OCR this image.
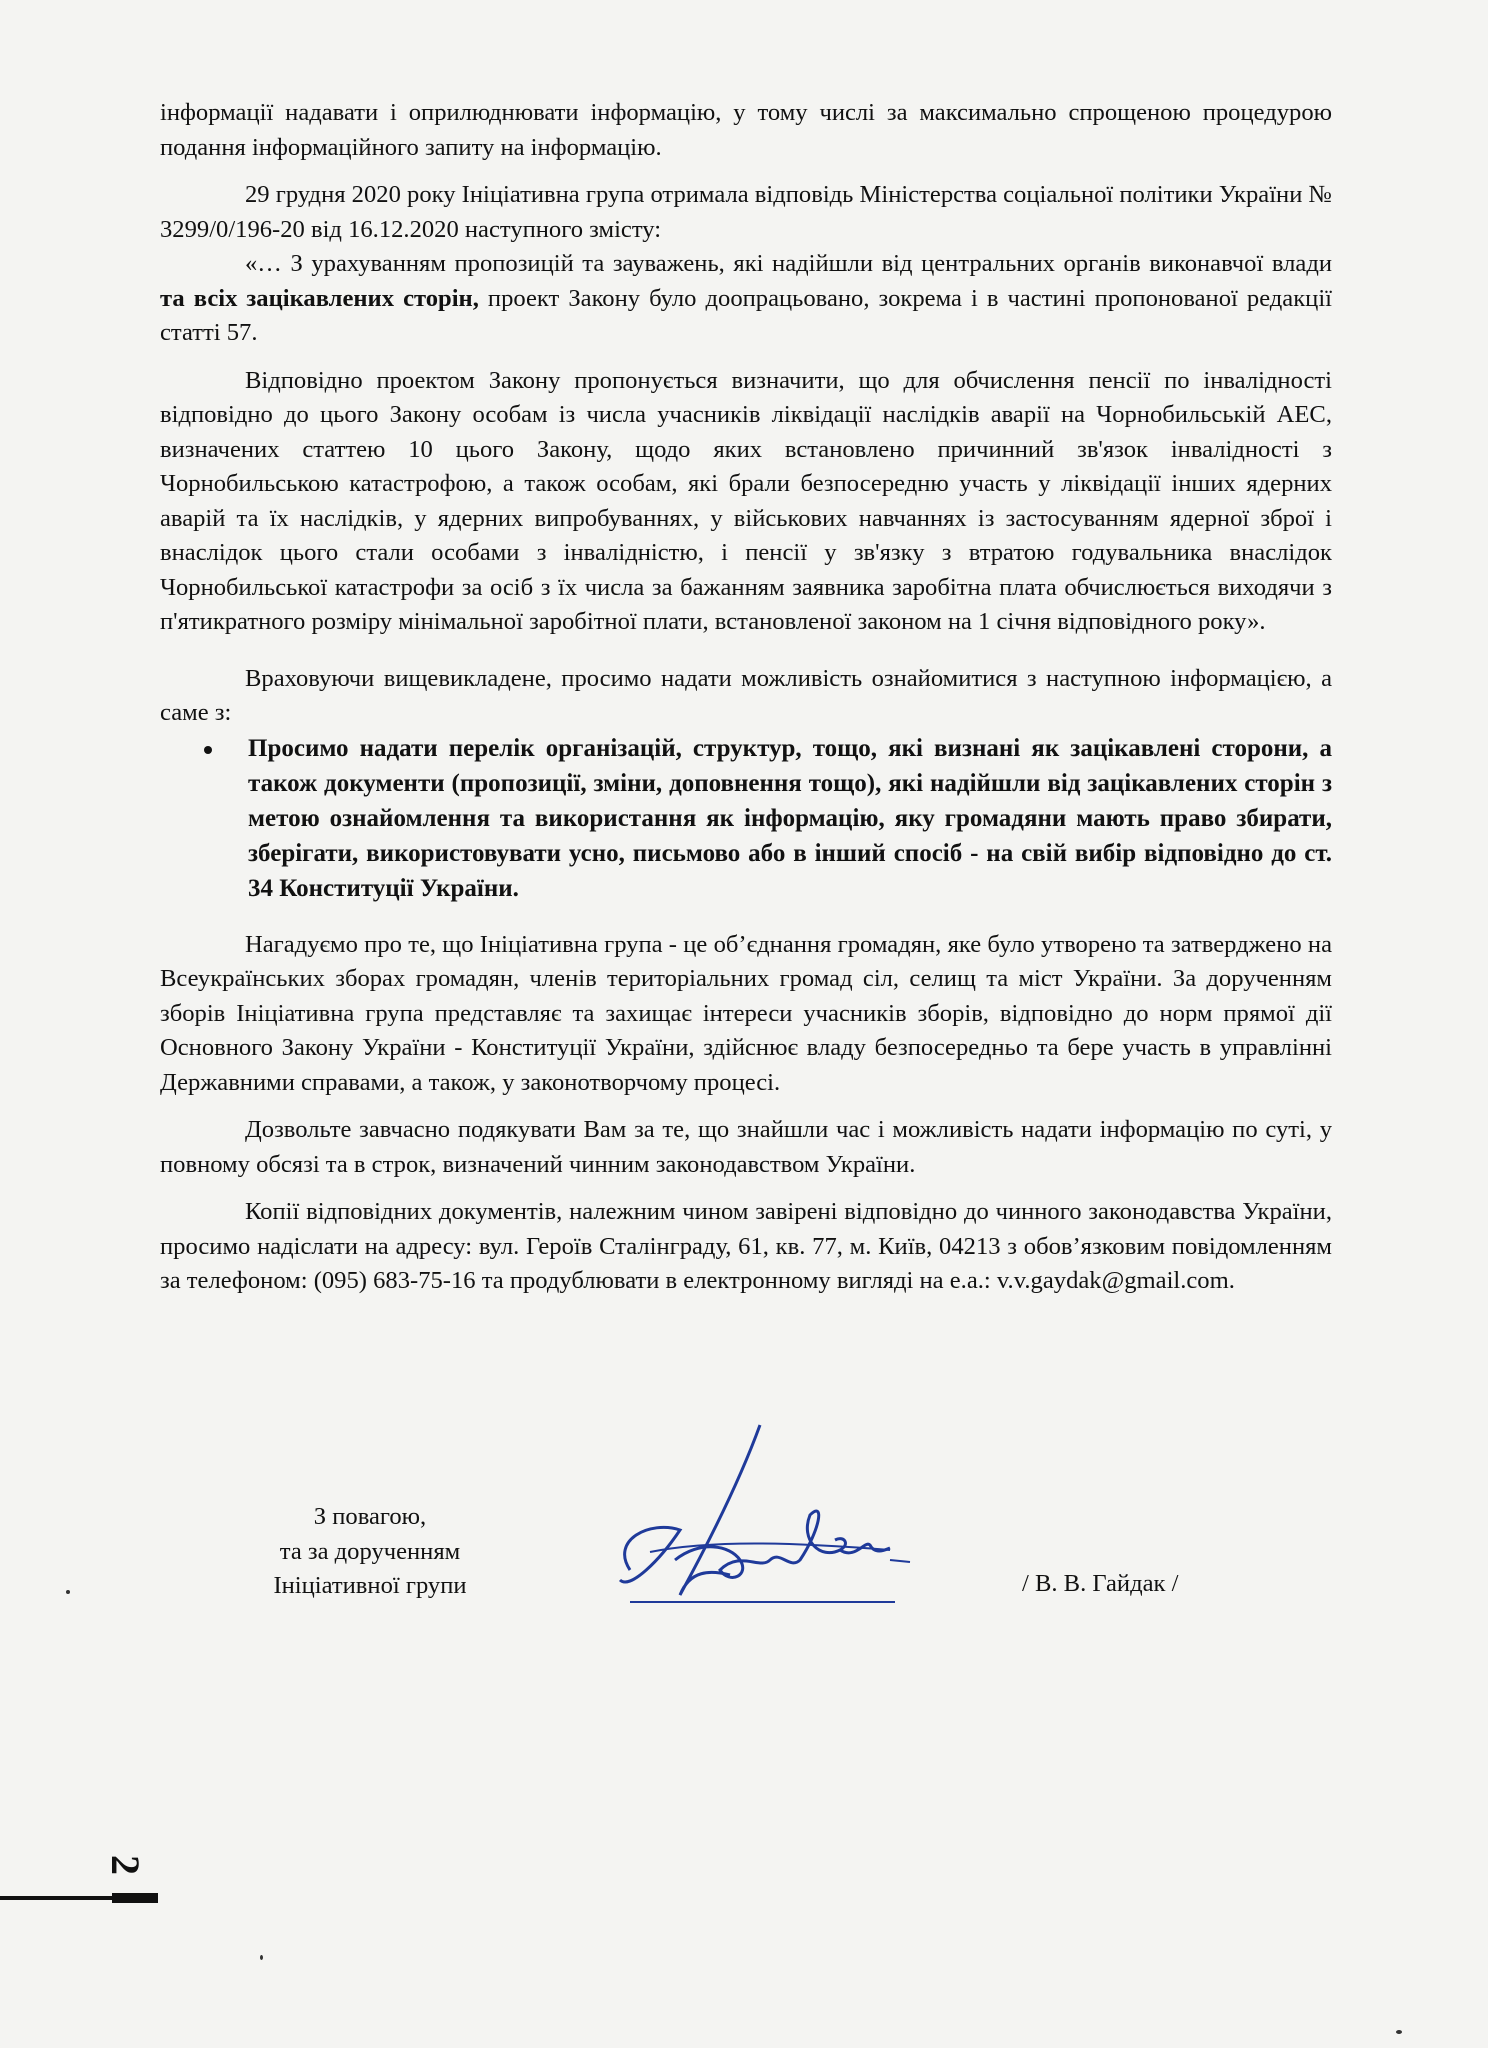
інформації надавати і оприлюднювати інформацію, у тому числі за максимально спрощеною процедурою подання інформаційного запиту на інформацію.

29 грудня 2020 року Ініціативна група отримала відповідь Міністерства соціальної політики України № 3299/0/196-20 від 16.12.2020 наступного змісту:

«… З урахуванням пропозицій та зауважень, які надійшли від центральних органів виконавчої влади та всіх зацікавлених сторін, проект Закону було доопрацьовано, зокрема і в частині пропонованої редакції статті 57.

Відповідно проектом Закону пропонується визначити, що для обчислення пенсії по інвалідності відповідно до цього Закону особам із числа учасників ліквідації наслідків аварії на Чорнобильській АЕС, визначених статтею 10 цього Закону, щодо яких встановлено причинний зв'язок інвалідності з Чорнобильською катастрофою, а також особам, які брали безпосередню участь у ліквідації інших ядерних аварій та їх наслідків, у ядерних випробуваннях, у військових навчаннях із застосуванням ядерної зброї і внаслідок цього стали особами з інвалідністю, і пенсії у зв'язку з втратою годувальника внаслідок Чорнобильської катастрофи за осіб з їх числа за бажанням заявника заробітна плата обчислюється виходячи з п'ятикратного розміру мінімальної заробітної плати, встановленої законом на 1 січня відповідного року».

Враховуючи вищевикладене, просимо надати можливість ознайомитися з наступною інформацією, а саме з:

Просимо надати перелік організацій, структур, тощо, які визнані як зацікавлені сторони, а також документи (пропозиції, зміни, доповнення тощо), які надійшли від зацікавлених сторін з метою ознайомлення та використання як інформацію, яку громадяни мають право збирати, зберігати, використовувати усно, письмово або в інший спосіб - на свій вибір відповідно до ст. 34 Конституції України.

Нагадуємо про те, що Ініціативна група - це об’єднання громадян, яке було утворено та затверджено на Всеукраїнських зборах громадян, членів територіальних громад сіл, селищ та міст України. За дорученням зборів Ініціативна група представляє та захищає інтереси учасників зборів, відповідно до норм прямої дії Основного Закону України - Конституції України, здійснює владу безпосередньо та бере участь в управлінні Державними справами, а також, у законотворчому процесі.

Дозвольте завчасно подякувати Вам за те, що знайшли час і можливість надати інформацію по суті, у повному обсязі та в строк, визначений чинним законодавством України.

Копії відповідних документів, належним чином завірені відповідно до чинного законодавства України, просимо надіслати на адресу: вул. Героїв Сталінграду, 61, кв. 77, м. Київ, 04213 з обов’язковим повідомленням за телефоном: (095) 683-75-16 та продублювати в електронному вигляді на е.а.: v.v.gaydak@gmail.com.

З повагою,
та за дорученням
Ініціативної групи	/ В. В. Гайдак /
2
